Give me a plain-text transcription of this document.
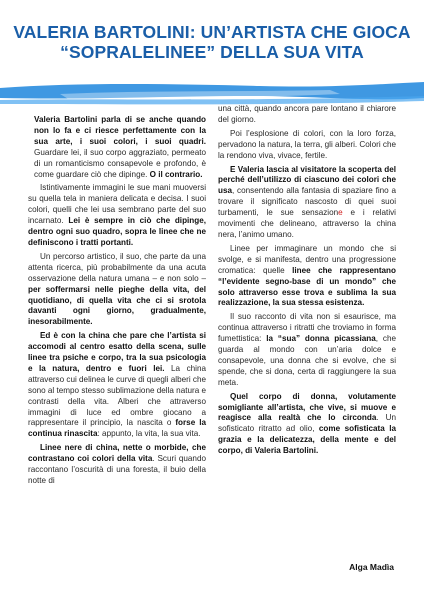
VALERIA BARTOLINI: UN’ARTISTA CHE GIOCA
“SOPRALELINEE” DELLA SUA VITA

Valeria Bartolini parla di se anche quando non lo fa e ci riesce perfettamente con la sua arte, i suoi colori, i suoi quadri. Guardare lei, il suo corpo aggraziato, permeato di un romanticismo consapevole e profondo, è come guardare ciò che dipinge. O il contrario.

Istintivamente immagini le sue mani muoversi su quella tela in maniera delicata e decisa. I suoi colori, quelli che lei usa sembrano parte del suo incarnato. Lei è sempre in ciò che dipinge, dentro ogni suo quadro, sopra le linee che ne definiscono i tratti portanti.

Un percorso artistico, il suo, che parte da una attenta ricerca, più probabilmente da una acuta osservazione della natura umana – e non solo – per soffermarsi nelle pieghe della vita, del quotidiano, di quella vita che ci si srotola davanti ogni giorno, gradualmente, inesorabilmente.

Ed è con la china che pare che l’artista si accomodi al centro esatto della scena, sulle linee tra psiche e corpo, tra la sua psicologia e la natura, dentro e fuori lei. La china attraverso cui delinea le curve di quegli alberi che sono al tempo stesso sublimazione della natura e contrasti della vita. Alberi che attraverso immagini di luce ed ombre giocano a rappresentare il principio, la nascita o forse la continua rinascita: appunto, la vita, la sua vita.

Linee nere di china, nette o morbide, che contrastano coi colori della vita. Scuri quando raccontano l’oscurità di una foresta, il buio della notte di

una città, quando ancora pare lontano il chiarore del giorno.

Poi l’esplosione di colori, con la loro forza, pervadono la natura, la terra, gli alberi. Colori che la rendono viva, vivace, fertile.

E Valeria lascia al visitatore la scoperta del perché dell’utilizzo di ciascuno dei colori che usa, consentendo alla fantasia di spaziare fino a trovare il significato nascosto di quei suoi turbamenti, le sue sensazione e i relativi movimenti che delineano, attraverso la china nera, l’animo umano.

Linee per immaginare un mondo che si svolge, e si manifesta, dentro una progressione cromatica: quelle linee che rappresentano “l’evidente segno-base di un mondo” che solo attraverso esse trova e sublima la sua realizzazione, la sua stessa esistenza.

Il suo racconto di vita non si esaurisce, ma continua attraverso i ritratti che troviamo in forma fumettistica: la “sua” donna picassiana, che guarda al mondo con un’aria dolce e consapevole, una donna che si evolve, che si spende, che si dona, certa di raggiungere la sua meta.

Quel corpo di donna, volutamente somigliante all’artista, che vive, si muove e reagisce alla realtà che lo circonda. Un sofisticato ritratto ad olio, come sofisticata la grazia e la delicatezza, della mente e del corpo, di Valeria Bartolini.

Alga Madìa
